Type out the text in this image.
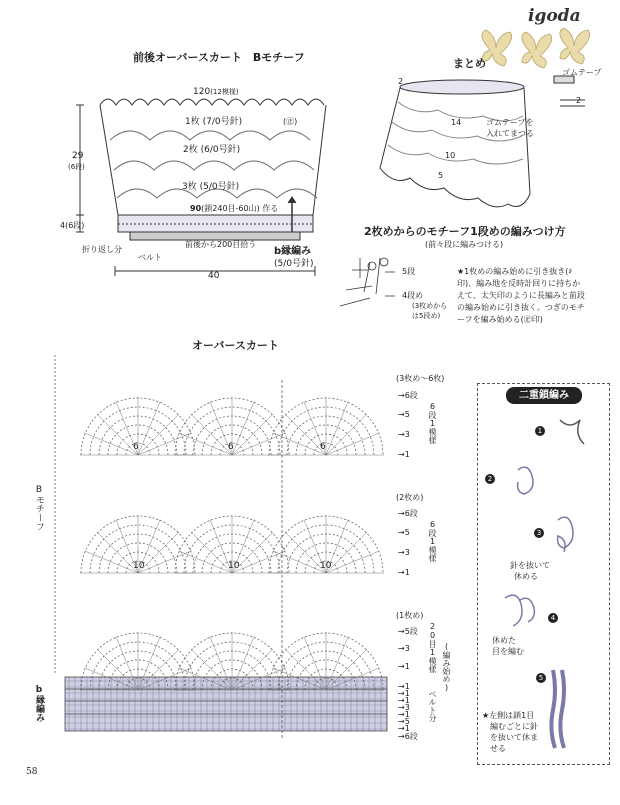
igoda
前後オーバースカート　Bモチーフ
120(12模様)
1枚 (7/0号針)	(㊣)
2枚 (6/0号針)
3枚 (5/0号針)
29
(6段)
4(6段)
90(鎖240目-60山) 作る
折り返し分
ベルト
前後から200目拾う
b縁編み
(5/0号針)
40
まとめ
ゴムテープ
ゴムテープを
入れてまつる
2
2
14
10
5
2枚めからのモチーフ1段めの編みつけ方
(前々段に編みつける)
5段
4段め
(3枚めから
は5段め)
★1枚めの編み始めに引き抜き(♯印)、編み地を反時計回りに持ちかえて、太矢印のように長編みと前段の編み始めに引き抜く。つぎのモチーフを編み始める(㊣印)
オーバースカート
Bモチーフ
b縁編み
(3枚め〜6枚)
(2枚め)
(1枚め)
→6段
→5
→3
→1
→6段
→5
→3
→1
→5段
→3
→1
→1
→1
→1
→3
→1
→5
→1
→6段
6段1模様
6段1模様
20目1模様 (編み始め)
ベルト分
6	6	6
10	10	10
二重鎖編み
1
2
3
4
5
針を抜いて
休める
休めた
目を編む
★左側は鎖1目
編むごとに針
を抜いて休ま
せる
58
